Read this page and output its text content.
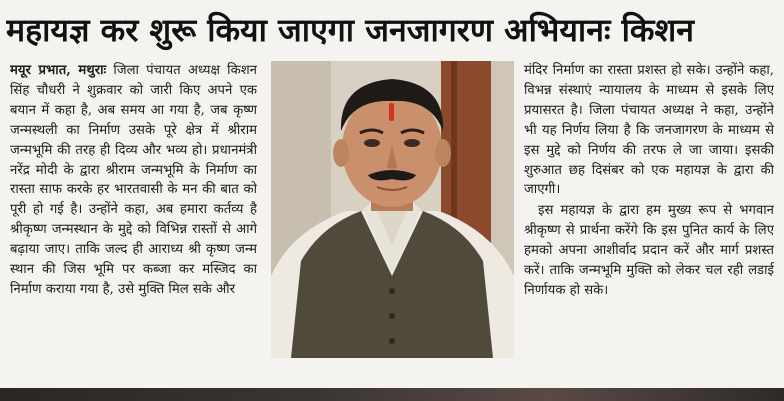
महायज्ञ कर शुरू किया जाएगा जनजागरण अभियानः किशन

मयूर प्रभात, मथुराः जिला पंचायत अध्यक्ष किशन सिंह चौधरी ने शुक्रवार को जारी किए अपने एक बयान में कहा है, अब समय आ गया है, जब कृष्ण जन्मस्थली का निर्माण उसके पूरे क्षेत्र में श्रीराम जन्मभूमि की तरह ही दिव्य और भव्य हो। प्रधानमंत्री नरेंद्र मोदी के द्वारा श्रीराम जन्मभूमि के निर्माण का रास्ता साफ करके हर भारतवासी के मन की बात को पूरी हो गई है। उन्होंने कहा, अब हमारा कर्तव्य है श्रीकृष्ण जन्मस्थान के मुद्दे को विभिन्न रास्तों से आगे बढ़ाया जाए। ताकि जल्द ही आराध्य श्री कृष्ण जन्म स्थान की जिस भूमि पर कब्जा कर मस्जिद का निर्माण कराया गया है, उसे मुक्ति मिल सके और

मंदिर निर्माण का रास्ता प्रशस्त हो सके। उन्होंने कहा, विभन्न संस्थाएं न्यायालय के माध्यम से इसके लिए प्रयासरत है। जिला पंचायत अध्यक्ष ने कहा, उन्होंने भी यह निर्णय लिया है कि जनजागरण के माध्यम से इस मुद्दे को निर्णय की तरफ ले जा जाया। इसकी शुरुआत छह दिसंबर को एक महायज्ञ के द्वारा की जाएगी।

इस महायज्ञ के द्वारा हम मुख्य रूप से भगवान श्रीकृष्ण से प्रार्थना करेंगे कि इस पुनित कार्य के लिए हमको अपना आशीर्वाद प्रदान करें और मार्ग प्रशस्त करें। ताकि जन्मभूमि मुक्ति को लेकर चल रही लडाई निर्णायक हो सके।
